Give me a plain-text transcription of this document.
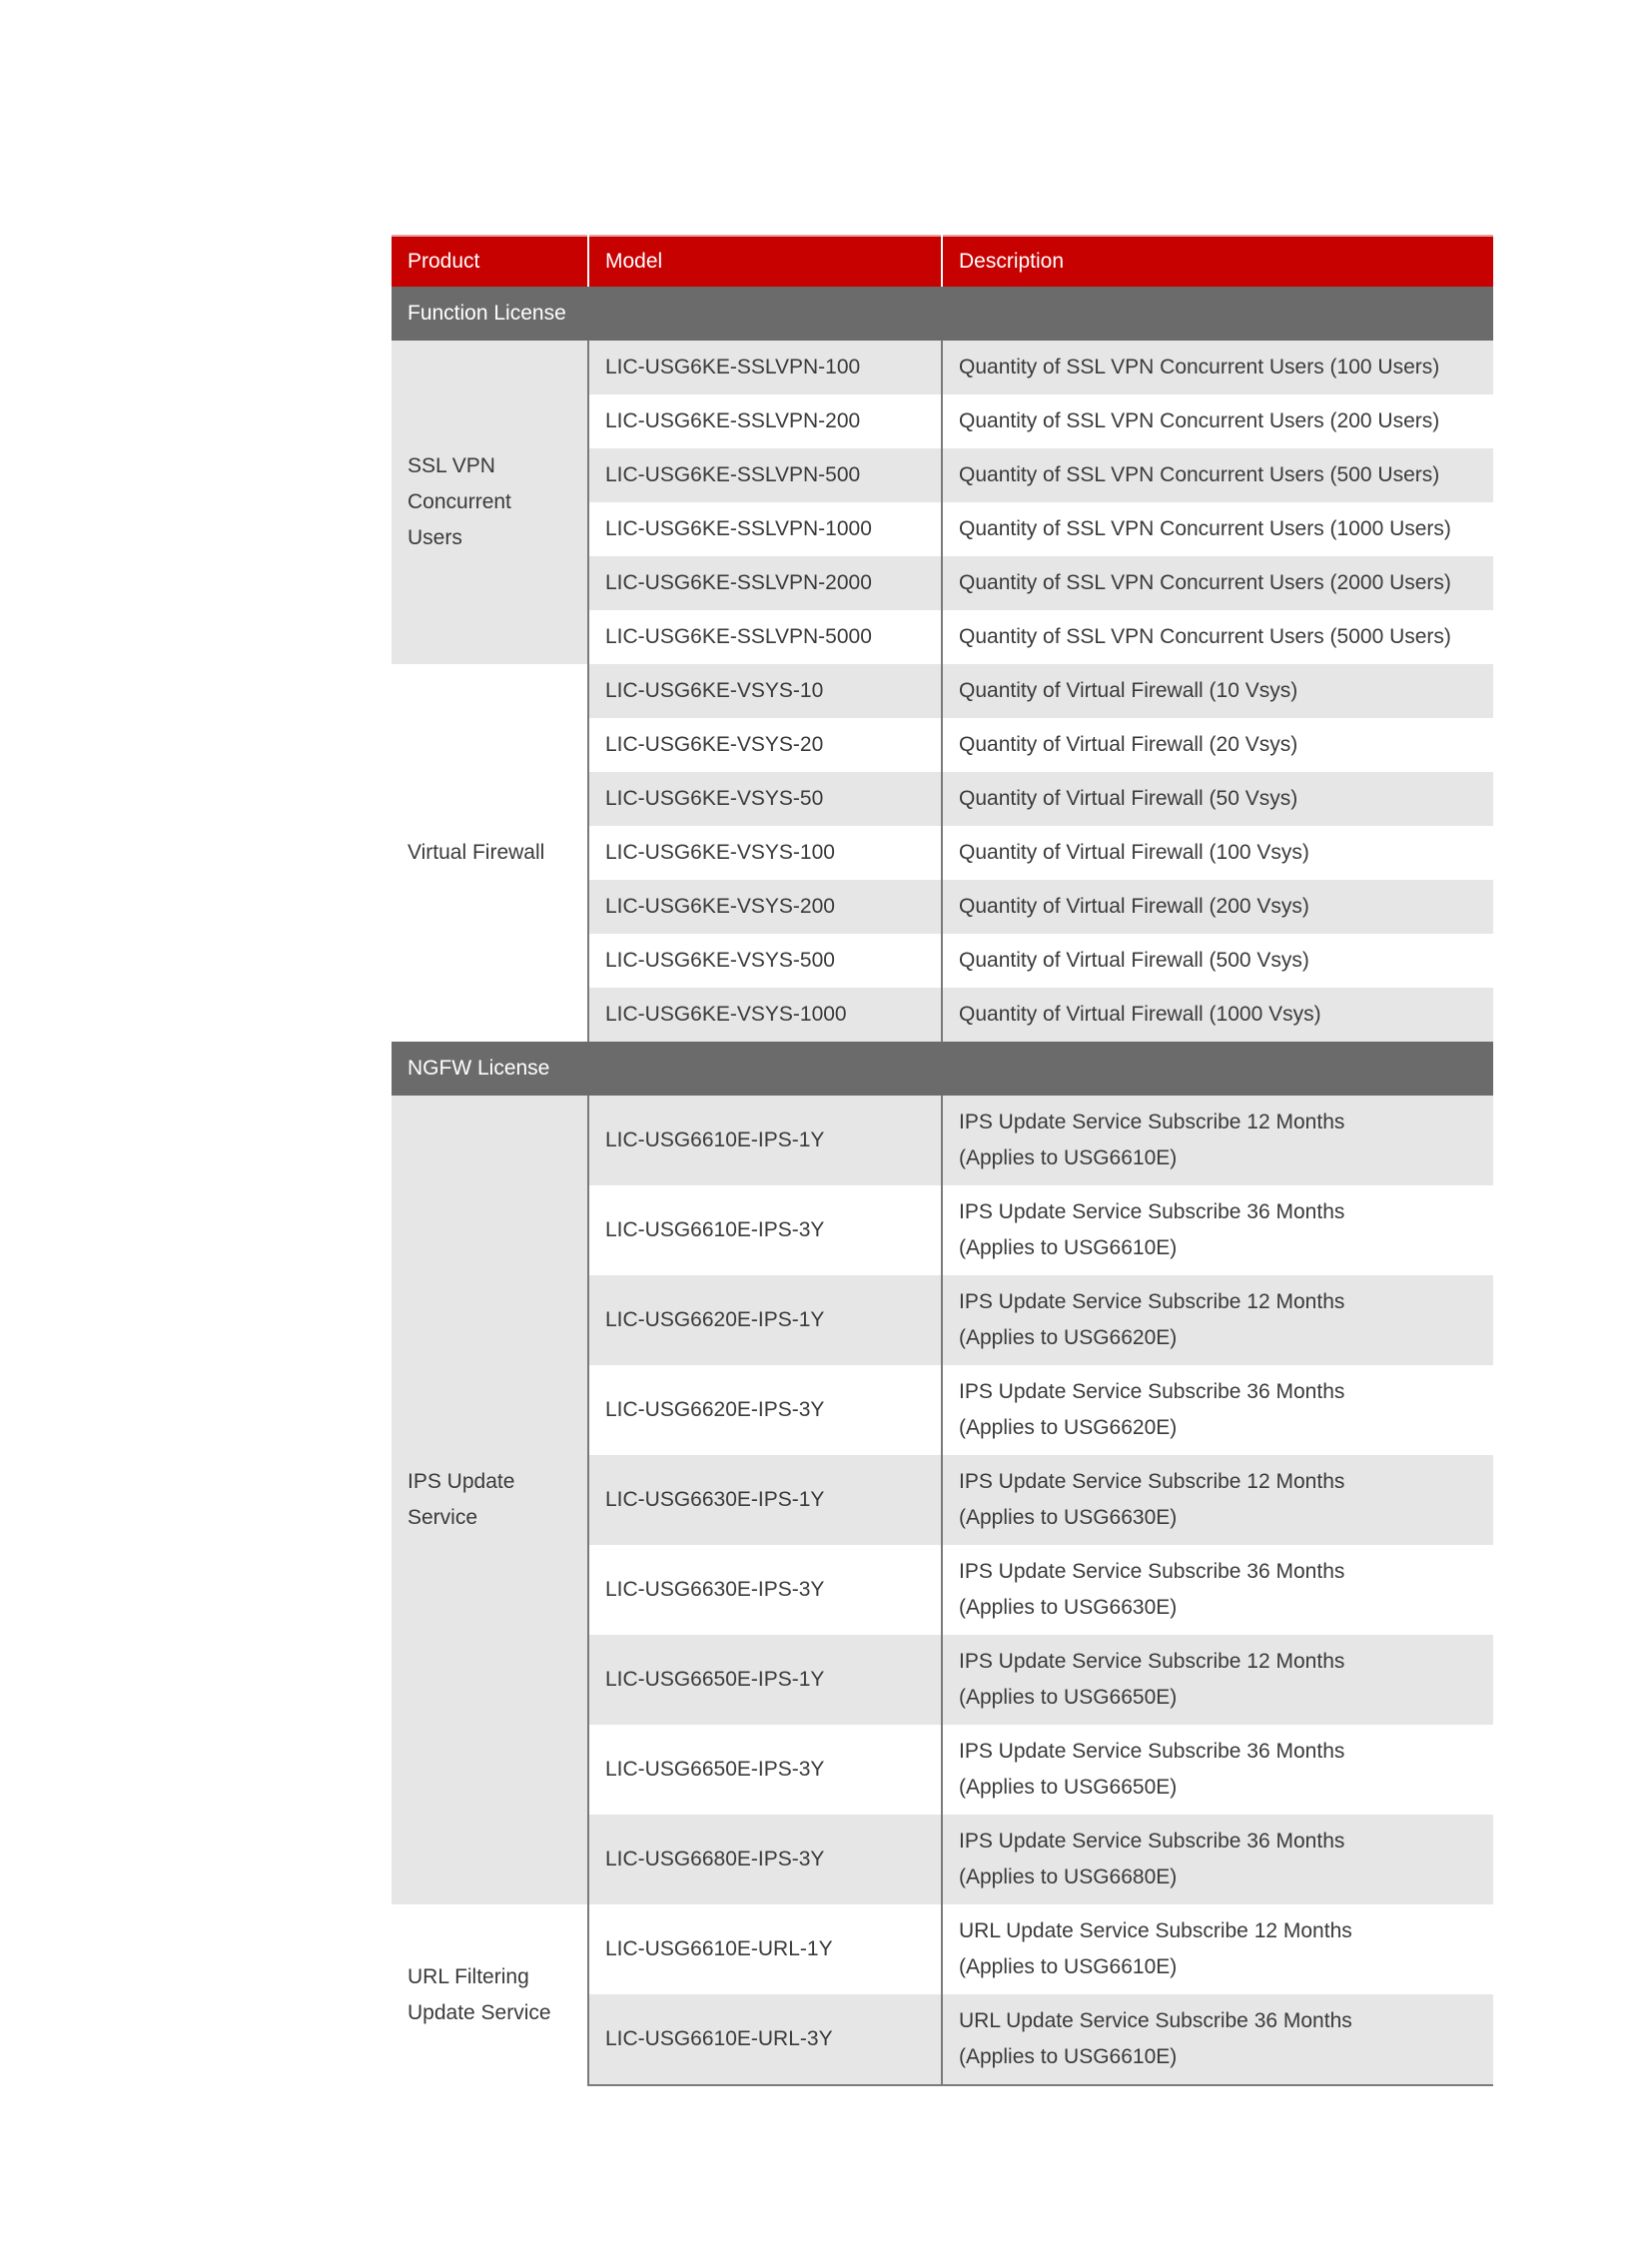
Product	Model	Description
Function License		

SSL VPN
Concurrent Users	LIC-USG6KE-SSLVPN-100	Quantity of SSL VPN Concurrent Users (100 Users)

	LIC-USG6KE-SSLVPN-200	Quantity of SSL VPN Concurrent Users (200 Users)

	LIC-USG6KE-SSLVPN-500	Quantity of SSL VPN Concurrent Users (500 Users)

	LIC-USG6KE-SSLVPN-1000	Quantity of SSL VPN Concurrent Users (1000 Users)

	LIC-USG6KE-SSLVPN-2000	Quantity of SSL VPN Concurrent Users (2000 Users)

	LIC-USG6KE-SSLVPN-5000	Quantity of SSL VPN Concurrent Users (5000 Users)

Virtual Firewall	LIC-USG6KE-VSYS-10	Quantity of Virtual Firewall (10 Vsys)

	LIC-USG6KE-VSYS-20	Quantity of Virtual Firewall (20 Vsys)

	LIC-USG6KE-VSYS-50	Quantity of Virtual Firewall (50 Vsys)

	LIC-USG6KE-VSYS-100	Quantity of Virtual Firewall (100 Vsys)

	LIC-USG6KE-VSYS-200	Quantity of Virtual Firewall (200 Vsys)

	LIC-USG6KE-VSYS-500	Quantity of Virtual Firewall (500 Vsys)

	LIC-USG6KE-VSYS-1000	Quantity of Virtual Firewall (1000 Vsys)

NGFW License		

IPS Update
Service	LIC-USG6610E-IPS-1Y	IPS Update Service Subscribe 12 Months
(Applies to USG6610E)

	LIC-USG6610E-IPS-3Y	IPS Update Service Subscribe 36 Months
(Applies to USG6610E)

	LIC-USG6620E-IPS-1Y	IPS Update Service Subscribe 12 Months
(Applies to USG6620E)

	LIC-USG6620E-IPS-3Y	IPS Update Service Subscribe 36 Months
(Applies to USG6620E)

	LIC-USG6630E-IPS-1Y	IPS Update Service Subscribe 12 Months
(Applies to USG6630E)

	LIC-USG6630E-IPS-3Y	IPS Update Service Subscribe 36 Months
(Applies to USG6630E)

	LIC-USG6650E-IPS-1Y	IPS Update Service Subscribe 12 Months
(Applies to USG6650E)

	LIC-USG6650E-IPS-3Y	IPS Update Service Subscribe 36 Months
(Applies to USG6650E)

	LIC-USG6680E-IPS-3Y	IPS Update Service Subscribe 36 Months
(Applies to USG6680E)

URL Filtering
Update Service	LIC-USG6610E-URL-1Y	URL Update Service Subscribe 12 Months
(Applies to USG6610E)

	LIC-USG6610E-URL-3Y	URL Update Service Subscribe 36 Months
(Applies to USG6610E)
